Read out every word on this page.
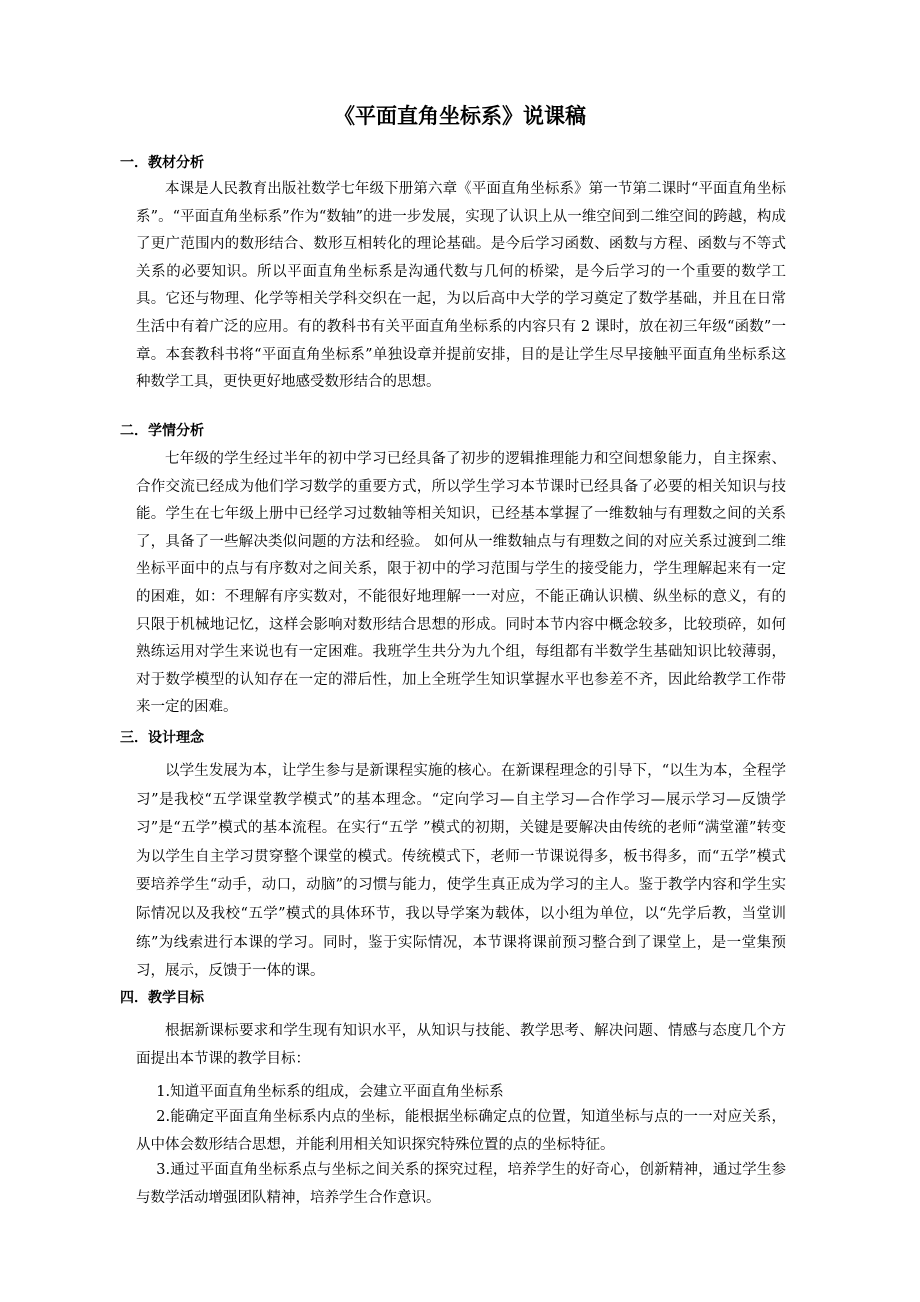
《平面直角坐标系》说课稿
一．教材分析

本课是人民教育出版社数学七年级下册第六章《平面直角坐标系》第一节第二课时“平面直角坐标系”。“平面直角坐标系”作为“数轴”的进一步发展，实现了认识上从一维空间到二维空间的跨越，构成了更广范围内的数形结合、数形互相转化的理论基础。是今后学习函数、函数与方程、函数与不等式关系的必要知识。所以平面直角坐标系是沟通代数与几何的桥梁，是今后学习的一个重要的数学工具。它还与物理、化学等相关学科交织在一起，为以后高中大学的学习奠定了数学基础，并且在日常生活中有着广泛的应用。有的教科书有关平面直角坐标系的内容只有 2 课时，放在初三年级“函数”一章。本套教科书将“平面直角坐标系”单独设章并提前安排，目的是让学生尽早接触平面直角坐标系这种数学工具，更快更好地感受数形结合的思想。

二．学情分析

七年级的学生经过半年的初中学习已经具备了初步的逻辑推理能力和空间想象能力，自主探索、合作交流已经成为他们学习数学的重要方式，所以学生学习本节课时已经具备了必要的相关知识与技能。学生在七年级上册中已经学习过数轴等相关知识，已经基本掌握了一维数轴与有理数之间的关系了，具备了一些解决类似问题的方法和经验。 如何从一维数轴点与有理数之间的对应关系过渡到二维坐标平面中的点与有序数对之间关系，限于初中的学习范围与学生的接受能力，学生理解起来有一定的困难，如：不理解有序实数对，不能很好地理解一一对应，不能正确认识横、纵坐标的意义，有的只限于机械地记忆，这样会影响对数形结合思想的形成。同时本节内容中概念较多，比较琐碎，如何熟练运用对学生来说也有一定困难。我班学生共分为九个组，每组都有半数学生基础知识比较薄弱，对于数学模型的认知存在一定的滞后性，加上全班学生知识掌握水平也参差不齐，因此给教学工作带来一定的困难。

三．设计理念

以学生发展为本，让学生参与是新课程实施的核心。在新课程理念的引导下，“以生为本，全程学习”是我校“五学课堂教学模式”的基本理念。“定向学习—自主学习—合作学习—展示学习—反馈学习”是“五学”模式的基本流程。在实行“五学 ”模式的初期，关键是要解决由传统的老师“满堂灌”转变为以学生自主学习贯穿整个课堂的模式。传统模式下，老师一节课说得多，板书得多，而“五学”模式要培养学生“动手，动口，动脑”的习惯与能力，使学生真正成为学习的主人。鉴于教学内容和学生实际情况以及我校“五学”模式的具体环节，我以导学案为载体，以小组为单位，以“先学后教，当堂训练”为线索进行本课的学习。同时，鉴于实际情况，本节课将课前预习整合到了课堂上，是一堂集预习，展示，反馈于一体的课。

四．教学目标

根据新课标要求和学生现有知识水平，从知识与技能、教学思考、解决问题、情感与态度几个方面提出本节课的教学目标：

1.知道平面直角坐标系的组成，会建立平面直角坐标系

2.能确定平面直角坐标系内点的坐标，能根据坐标确定点的位置，知道坐标与点的一一对应关系，从中体会数形结合思想，并能利用相关知识探究特殊位置的点的坐标特征。

3.通过平面直角坐标系点与坐标之间关系的探究过程，培养学生的好奇心，创新精神，通过学生参与数学活动增强团队精神，培养学生合作意识。
